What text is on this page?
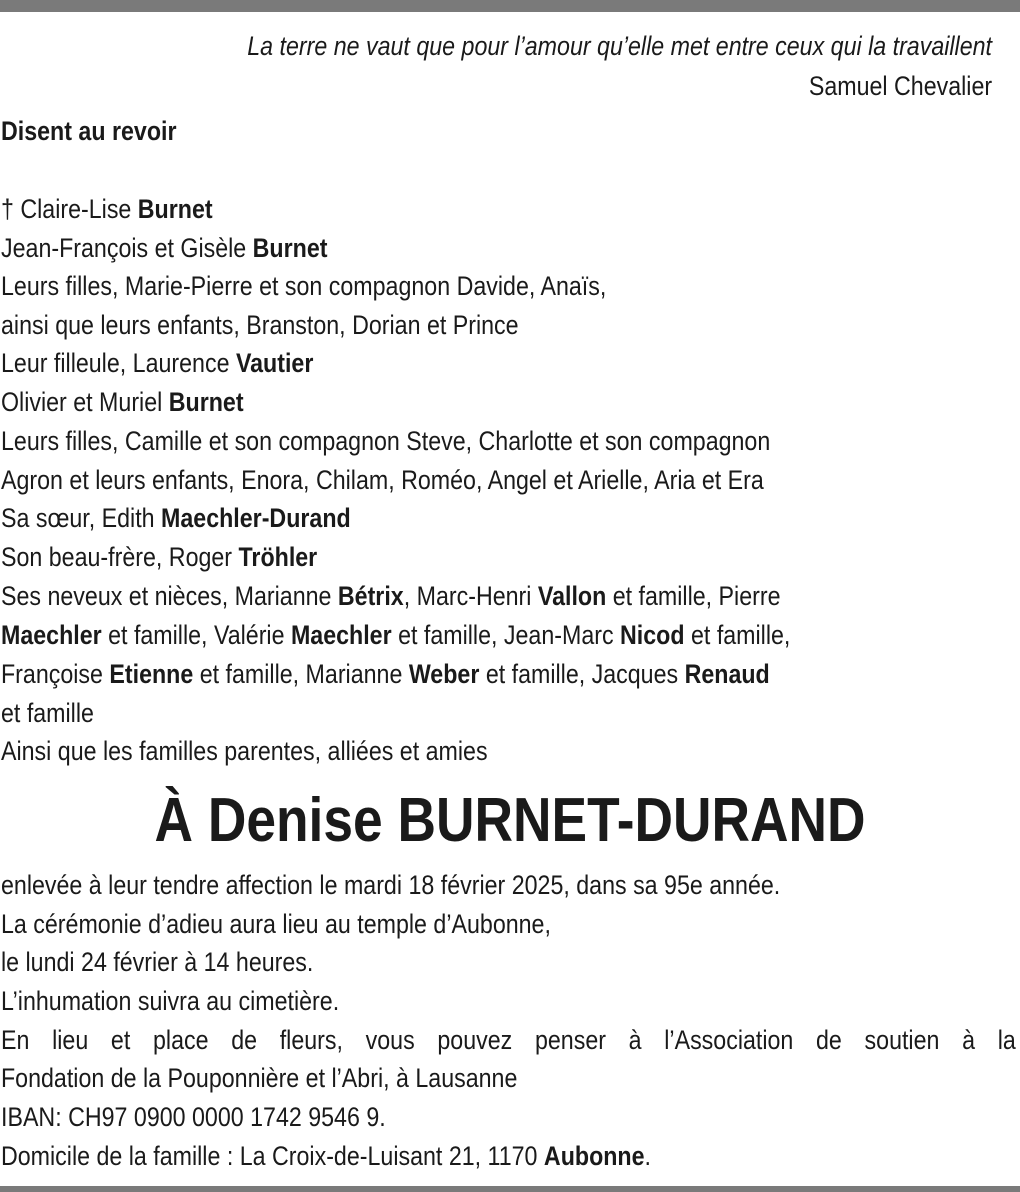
La terre ne vaut que pour l’amour qu’elle met entre ceux qui la travaillent
Samuel Chevalier
Disent au revoir
† Claire-Lise Burnet
Jean-François et Gisèle Burnet
Leurs filles, Marie-Pierre et son compagnon Davide, Anaïs,
ainsi que leurs enfants, Branston, Dorian et Prince
Leur filleule, Laurence Vautier
Olivier et Muriel Burnet
Leurs filles, Camille et son compagnon Steve, Charlotte et son compagnon
Agron et leurs enfants, Enora, Chilam, Roméo, Angel et Arielle, Aria et Era
Sa sœur, Edith Maechler-Durand
Son beau-frère, Roger Tröhler
Ses neveux et nièces, Marianne Bétrix, Marc-Henri Vallon et famille, Pierre
Maechler et famille, Valérie Maechler et famille, Jean-Marc Nicod et famille,
Françoise Etienne et famille, Marianne Weber et famille, Jacques Renaud
et famille
Ainsi que les familles parentes, alliées et amies
À Denise BURNET-DURAND
enlevée à leur tendre affection le mardi 18 février 2025, dans sa 95e année.
La cérémonie d’adieu aura lieu au temple d’Aubonne,
le lundi 24 février à 14 heures.
L’inhumation suivra au cimetière.
En lieu et place de fleurs, vous pouvez penser à l’Association de soutien à la
Fondation de la Pouponnière et l’Abri, à Lausanne
IBAN: CH97 0900 0000 1742 9546 9.
Domicile de la famille : La Croix-de-Luisant 21, 1170 Aubonne.
